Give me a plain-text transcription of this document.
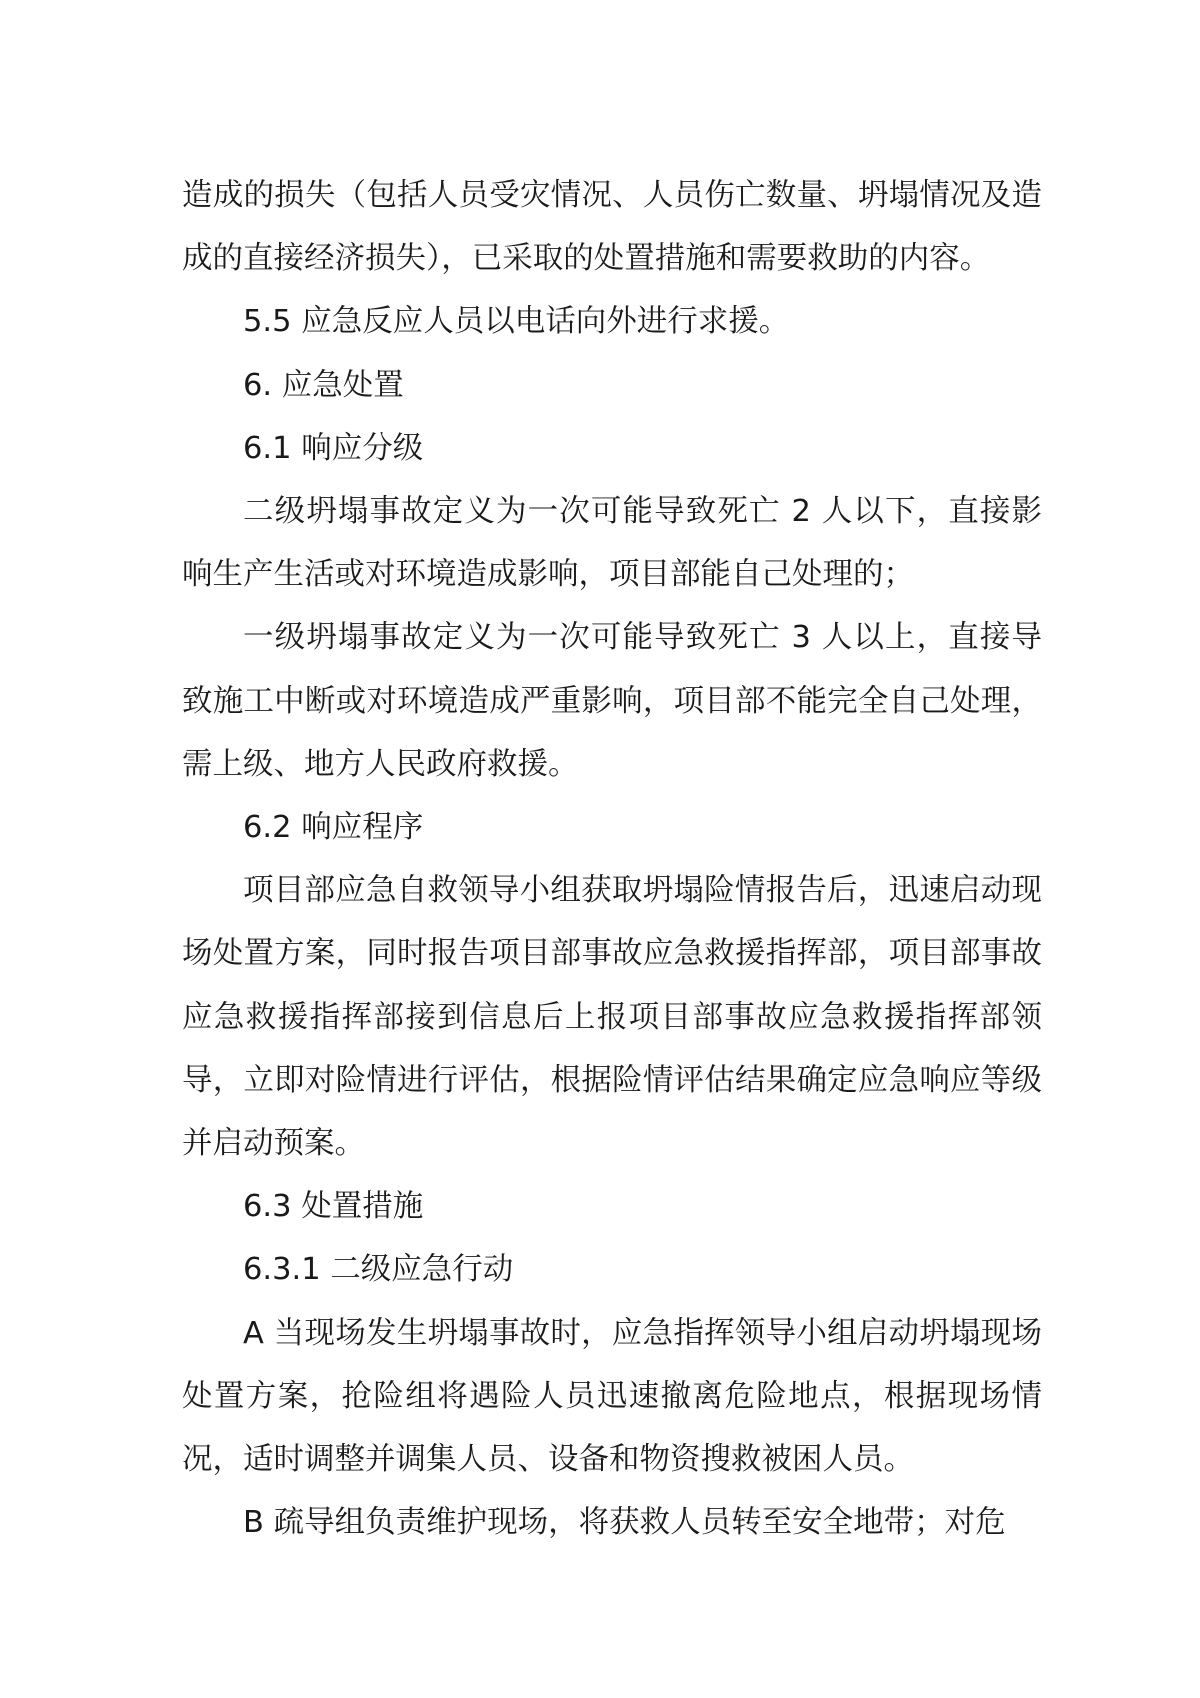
造成的损失（包括人员受灾情况、人员伤亡数量、坍塌情况及造成的直接经济损失），已采取的处置措施和需要救助的内容。

5.5 应急反应人员以电话向外进行求援。

6. 应急处置

6.1 响应分级

二级坍塌事故定义为一次可能导致死亡 2 人以下，直接影响生产生活或对环境造成影响，项目部能自己处理的；

一级坍塌事故定义为一次可能导致死亡 3 人以上，直接导致施工中断或对环境造成严重影响，项目部不能完全自己处理，需上级、地方人民政府救援。

6.2 响应程序

项目部应急自救领导小组获取坍塌险情报告后，迅速启动现场处置方案，同时报告项目部事故应急救援指挥部，项目部事故应急救援指挥部接到信息后上报项目部事故应急救援指挥部领导，立即对险情进行评估，根据险情评估结果确定应急响应等级并启动预案。

6.3 处置措施

6.3.1 二级应急行动

A 当现场发生坍塌事故时，应急指挥领导小组启动坍塌现场处置方案，抢险组将遇险人员迅速撤离危险地点，根据现场情况，适时调整并调集人员、设备和物资搜救被困人员。

B 疏导组负责维护现场，将获救人员转至安全地带；对危
